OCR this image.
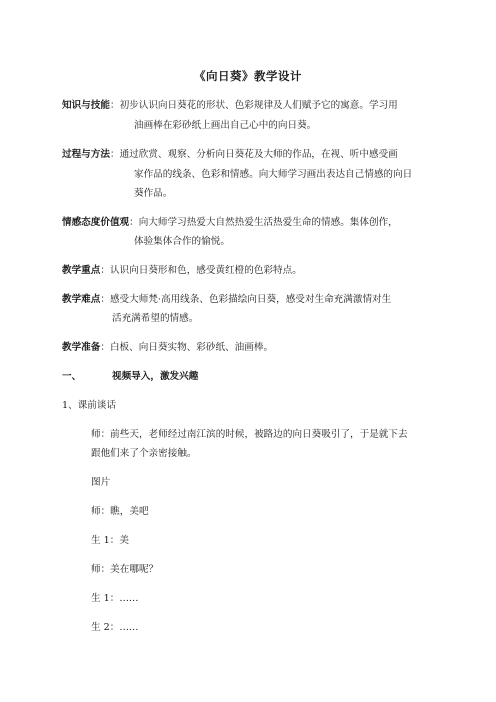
《向日葵》教学设计
知识与技能：初步认识向日葵花的形状、色彩规律及人们赋予它的寓意。学习用
油画棒在彩砂纸上画出自己心中的向日葵。
过程与方法：通过欣赏、观察、分析向日葵花及大师的作品，在视、听中感受画
家作品的线条、色彩和情感。向大师学习画出表达自己情感的向日
葵作品。
情感态度价值观：向大师学习热爱大自然热爱生活热爱生命的情感。集体创作，
体验集体合作的愉悦。
教学重点：认识向日葵形和色，感受黄红橙的色彩特点。
教学难点：感受大师梵·高用线条、色彩描绘向日葵，感受对生命充满激情对生
活充满希望的情感。
教学准备：白板、向日葵实物、彩砂纸、油画棒。
一、	视频导入，激发兴趣
1、课前谈话
师：前些天，老师经过南江滨的时候，被路边的向日葵吸引了，于是就下去
跟他们来了个亲密接触。
图片
师：瞧，美吧
生 1：美
师：美在哪呢？
生 1：……
生 2：……
